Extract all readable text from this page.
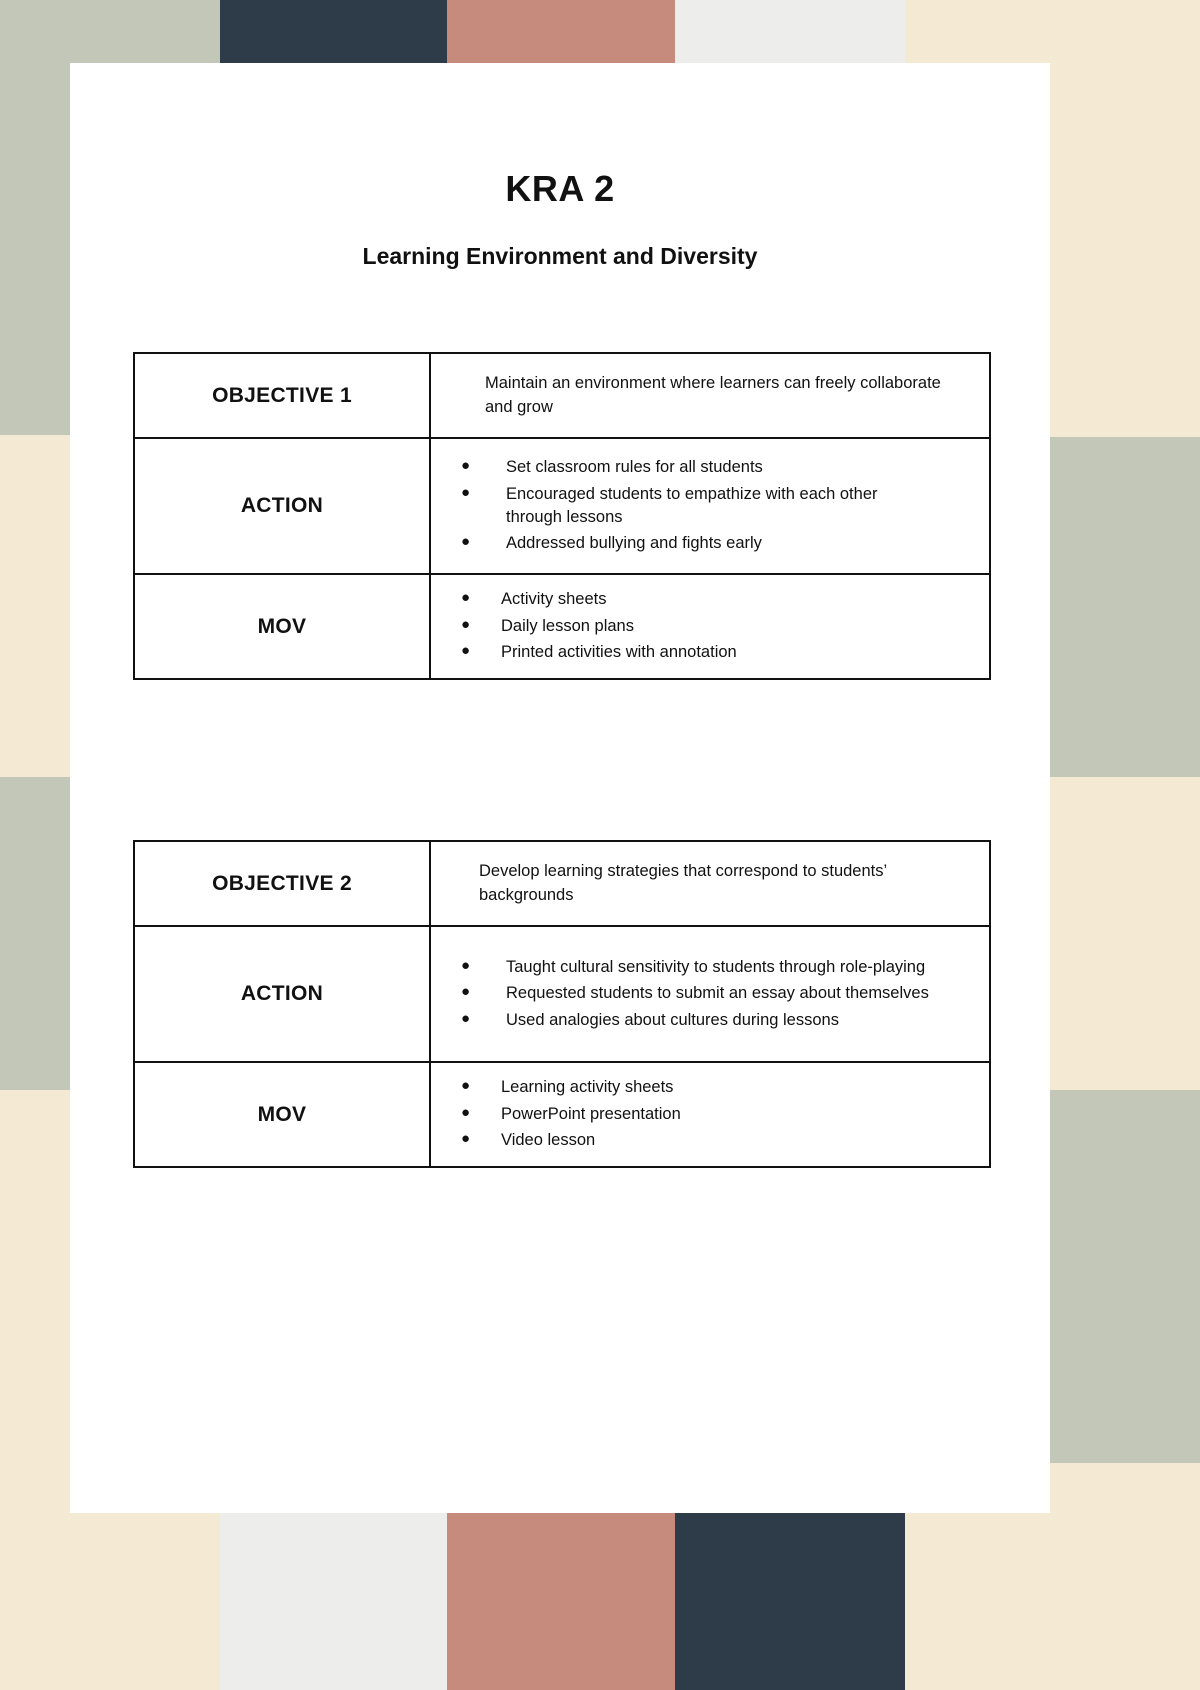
KRA 2
Learning Environment and Diversity
OBJECTIVE 1
Maintain an environment where learners can freely collaborate and grow
ACTION
● Set classroom rules for all students
● Encouraged students to empathize with each other through lessons
● Addressed bullying and fights early
MOV
● Activity sheets
● Daily lesson plans
● Printed activities with annotation
OBJECTIVE 2
Develop learning strategies that correspond to students’ backgrounds
ACTION
● Taught cultural sensitivity to students through role-playing
● Requested students to submit an essay about themselves
● Used analogies about cultures during lessons
MOV
● Learning activity sheets
● PowerPoint presentation
● Video lesson
